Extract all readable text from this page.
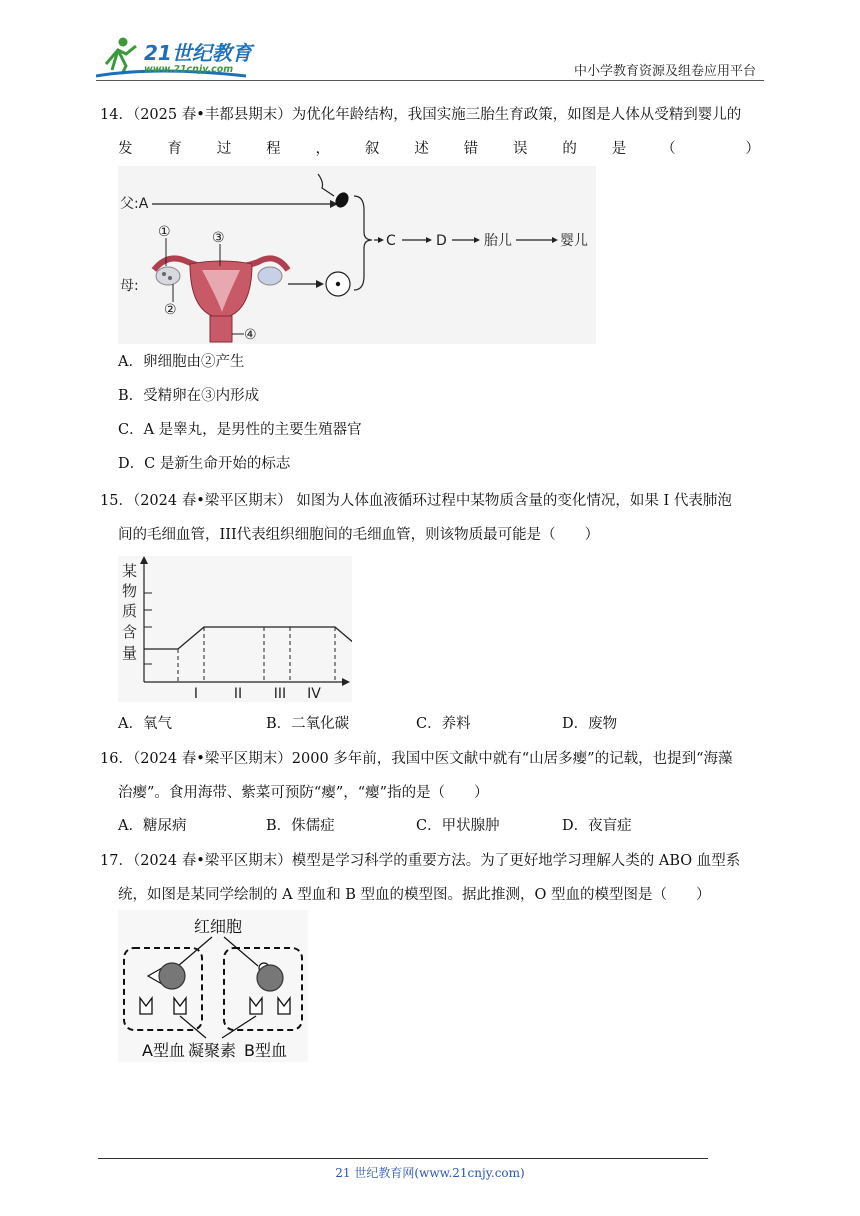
21世纪教育
www.21cnjy.com	中小学教育资源及组卷应用平台
14．（2025 春•丰都县期末）为优化年龄结构，我国实施三胎生育政策，如图是人体从受精到婴儿的
发 育 过 程 ， 叙 述 错 误 的 是 （	）
父:A
母:
①
②
③
④
C	D	胎儿	婴儿
A．卵细胞由②产生
B．受精卵在③内形成
C．A 是睾丸，是男性的主要生殖器官
D．C 是新生命开始的标志
15．（2024 春•梁平区期末） 如图为人体血液循环过程中某物质含量的变化情况，如果 I 代表肺泡
间的毛细血管，III代表组织细胞间的毛细血管，则该物质最可能是（　　）
某
物
质
含
量
I	II III IV
A．氧气	B．二氧化碳	C．养料	D．废物
16．（2024 春•梁平区期末）2000 多年前，我国中医文献中就有“山居多瘿”的记载，也提到“海藻
治瘿”。食用海带、紫菜可预防“瘿”，“瘿”指的是（　　）
A．糖尿病	B．侏儒症	C．甲状腺肿	D．夜盲症
17．（2024 春•梁平区期末）模型是学习科学的重要方法。为了更好地学习理解人类的 ABO 血型系
统，如图是某同学绘制的 A 型血和 B 型血的模型图。据此推测，O 型血的模型图是（　　）
红细胞
A型血 凝聚素 B型血
21 世纪教育网(www.21cnjy.com)
